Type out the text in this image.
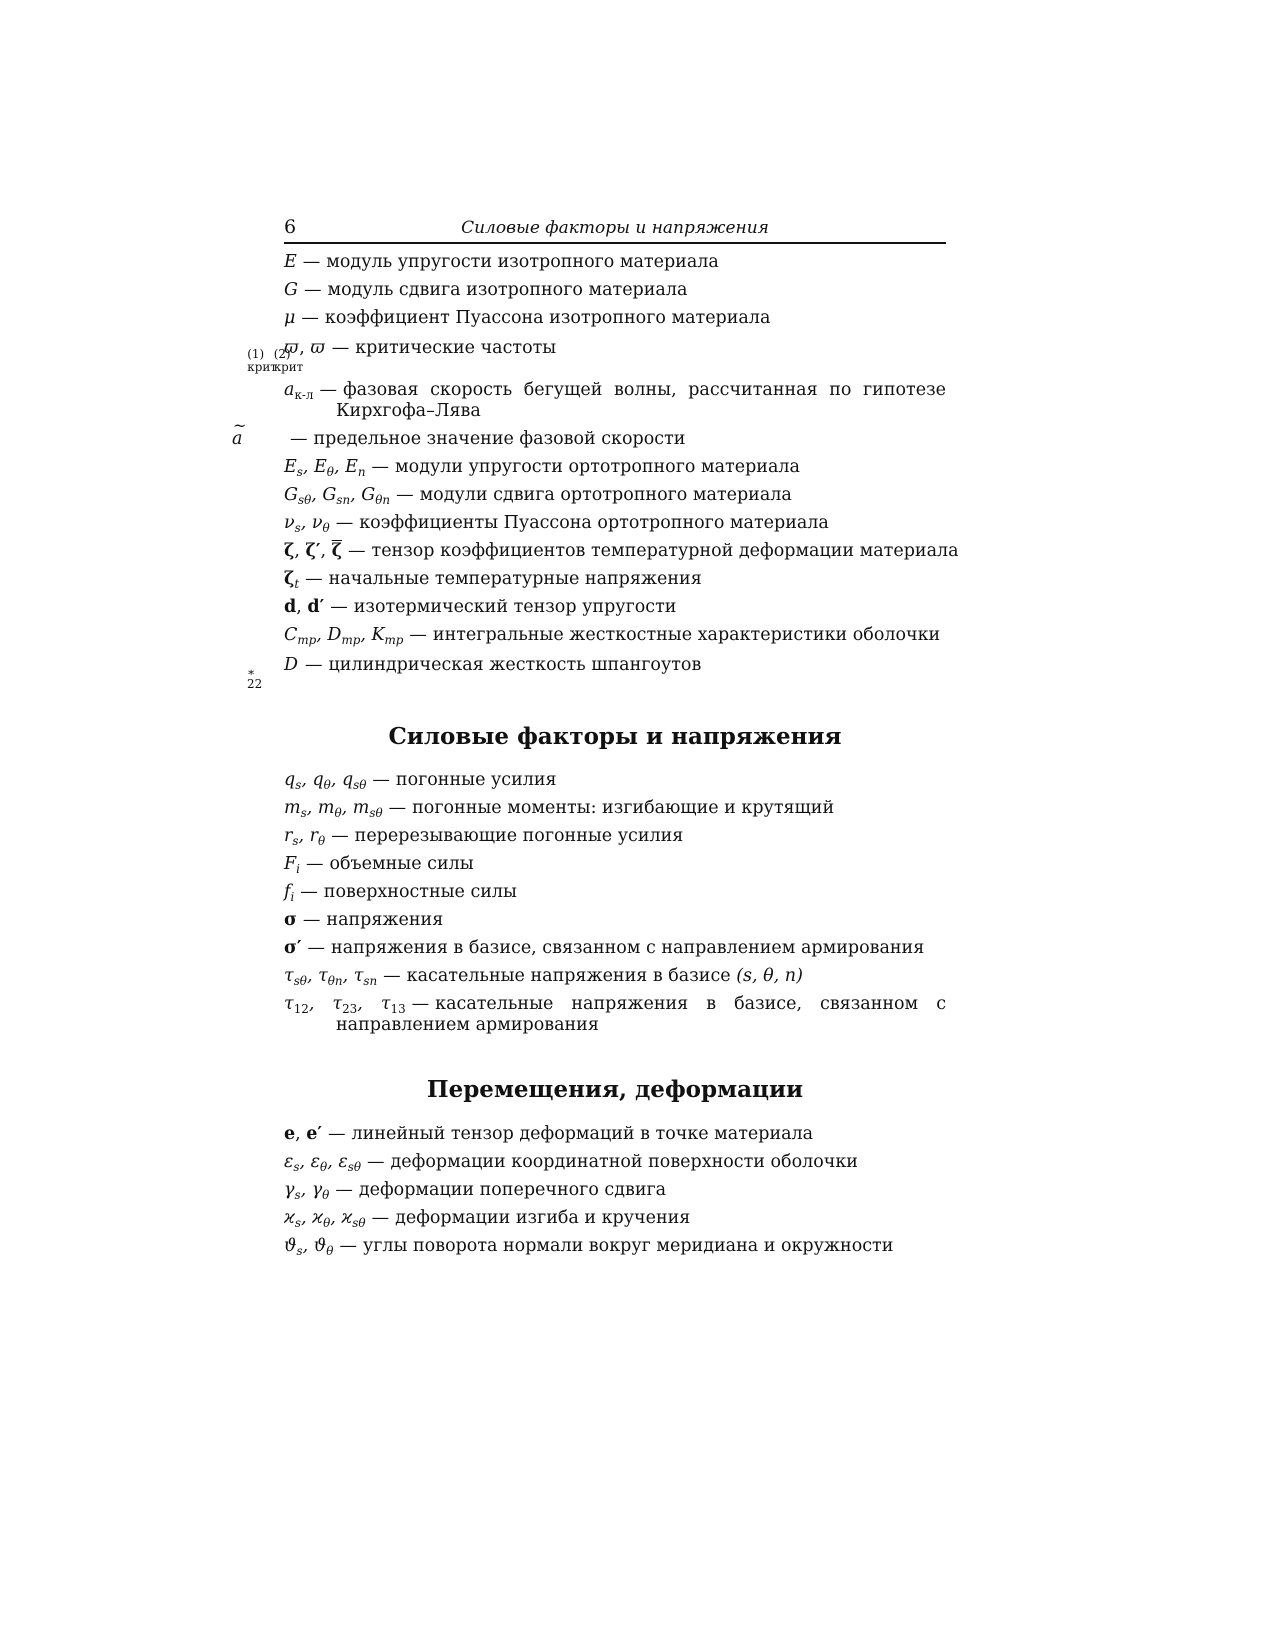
6	Силовые факторы и напряжения
E — модуль упругости изотропного материала
G — модуль сдвига изотропного материала
μ — коэффициент Пуассона изотропного материала
ϖ
(1)
крит
, ϖ
(2)
крит
— критические частоты
$a_{к-л}$ — фазовая скорость бегущей волны, рассчитанная по гипотезе Кирхгофа–Лява
a	— предельное значение фазовой скорости
$E_s$, $E_\theta$, $E_n$ — модули упругости ортотропного материала
$G_{s\theta}$, $G_{sn}$, $G_{\theta n}$ — модули сдвига ортотропного материала
$\nu_s$, $\nu_\theta$ — коэффициенты Пуассона ортотропного материала
ζ, ζ′, $\overline{\zeta}$ — тензор коэффициентов температурной деформации материала
$\zeta_t$ — начальные температурные напряжения
d, d′ — изотермический тензор упругости
$C_{mp}$, $D_{mp}$, $K_{mp}$ — интегральные жесткостные характеристики оболочки
D
∗
22
— цилиндрическая жесткость шпангоутов
Силовые факторы и напряжения
$q_s$, $q_\theta$, $q_{s\theta}$ — погонные усилия
$m_s$, $m_\theta$, $m_{s\theta}$ — погонные моменты: изгибающие и крутящий
$r_s$, $r_\theta$ — перерезывающие погонные усилия
$F_i$ — объемные силы
$f_i$ — поверхностные силы
σ — напряжения
σ′ — напряжения в базисе, связанном с направлением армирования
$\tau_{s\theta}$, $\tau_{\theta n}$, $\tau_{sn}$ — касательные напряжения в базисе (s, θ, n)
$\tau_{12}$, $\tau_{23}$, $\tau_{13}$ — касательные напряжения в базисе, связанном с направлением армирования
Перемещения, деформации
e, e′ — линейный тензор деформаций в точке материала
$\varepsilon_s$, $\varepsilon_\theta$, $\varepsilon_{s\theta}$ — деформации координатной поверхности оболочки
$\gamma_s$, $\gamma_\theta$ — деформации поперечного сдвига
$ϰ_s$, $ϰ_\theta$, $ϰ_{s\theta}$ — деформации изгиба и кручения
$ϑ_s$, $ϑ_\theta$ — углы поворота нормали вокруг меридиана и окружности
